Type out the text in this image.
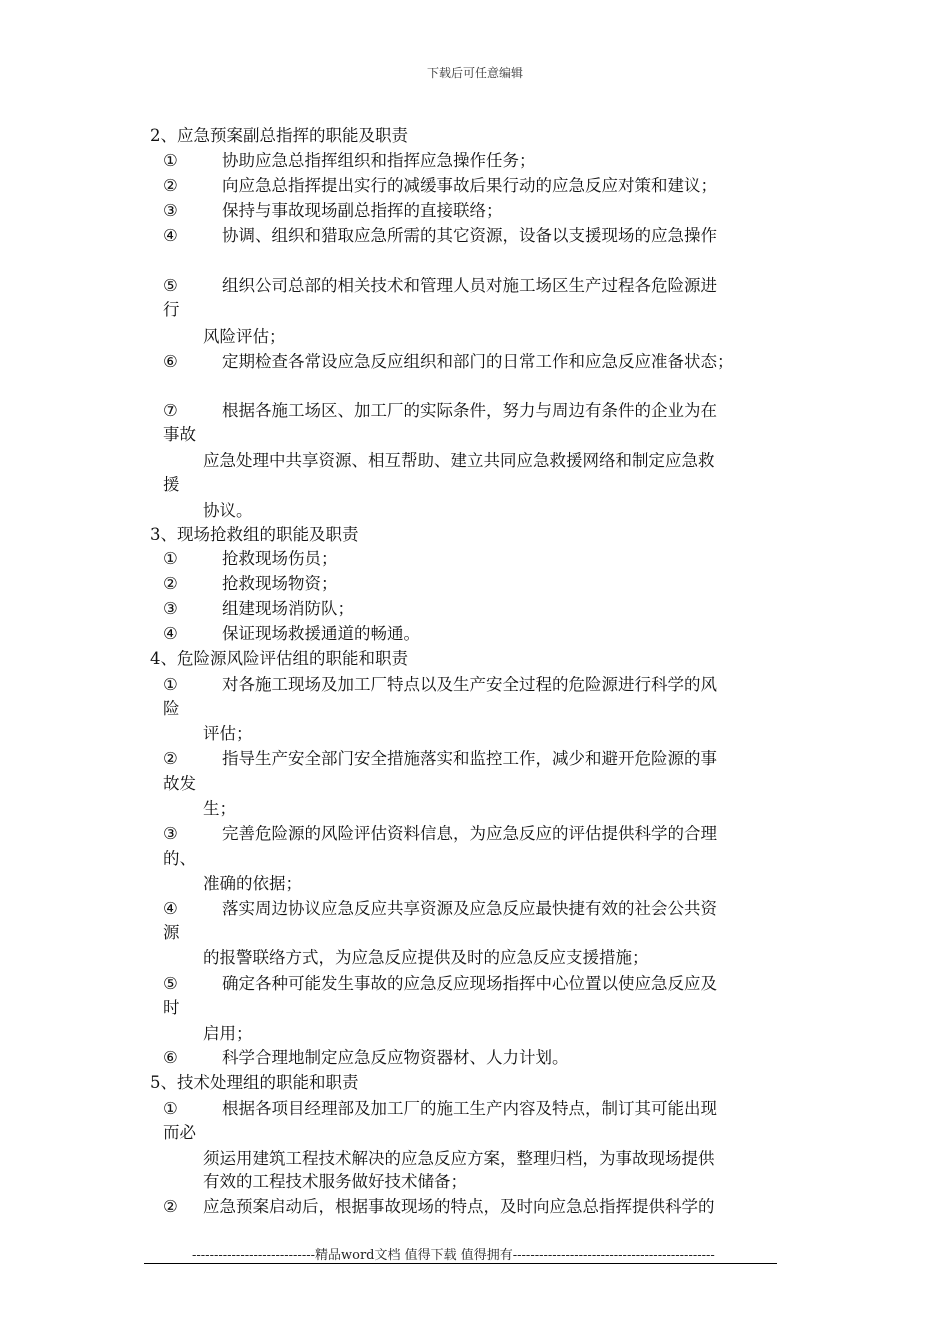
下载后可任意编辑
2、应急预案副总指挥的职能及职责
①	协助应急总指挥组织和指挥应急操作任务；
②	向应急总指挥提出实行的减缓事故后果行动的应急反应对策和建议；
③	保持与事故现场副总指挥的直接联络；
④	协调、组织和猎取应急所需的其它资源，设备以支援现场的应急操作
⑤	组织公司总部的相关技术和管理人员对施工场区生产过程各危险源进
行
风险评估；
⑥	定期检查各常设应急反应组织和部门的日常工作和应急反应准备状态；
⑦	根据各施工场区、加工厂的实际条件，努力与周边有条件的企业为在
事故
应急处理中共享资源、相互帮助、建立共同应急救援网络和制定应急救
援
协议。
3、现场抢救组的职能及职责
①	抢救现场伤员；
②	抢救现场物资；
③	组建现场消防队；
④	保证现场救援通道的畅通。
4、危险源风险评估组的职能和职责
①	对各施工现场及加工厂特点以及生产安全过程的危险源进行科学的风
险
评估；
②	指导生产安全部门安全措施落实和监控工作，减少和避开危险源的事
故发
生；
③	完善危险源的风险评估资料信息，为应急反应的评估提供科学的合理
的、
准确的依据；
④	落实周边协议应急反应共享资源及应急反应最快捷有效的社会公共资
源
的报警联络方式，为应急反应提供及时的应急反应支援措施；
⑤	确定各种可能发生事故的应急反应现场指挥中心位置以使应急反应及
时
启用；
⑥	科学合理地制定应急反应物资器材、人力计划。
5、技术处理组的职能和职责
①	根据各项目经理部及加工厂的施工生产内容及特点，制订其可能出现
而必
须运用建筑工程技术解决的应急反应方案，整理归档，为事故现场提供
有效的工程技术服务做好技术储备；
② 应急预案启动后，根据事故现场的特点，及时向应急总指挥提供科学的
----------------------------精品word文档 值得下载 值得拥有----------------------------------------------
